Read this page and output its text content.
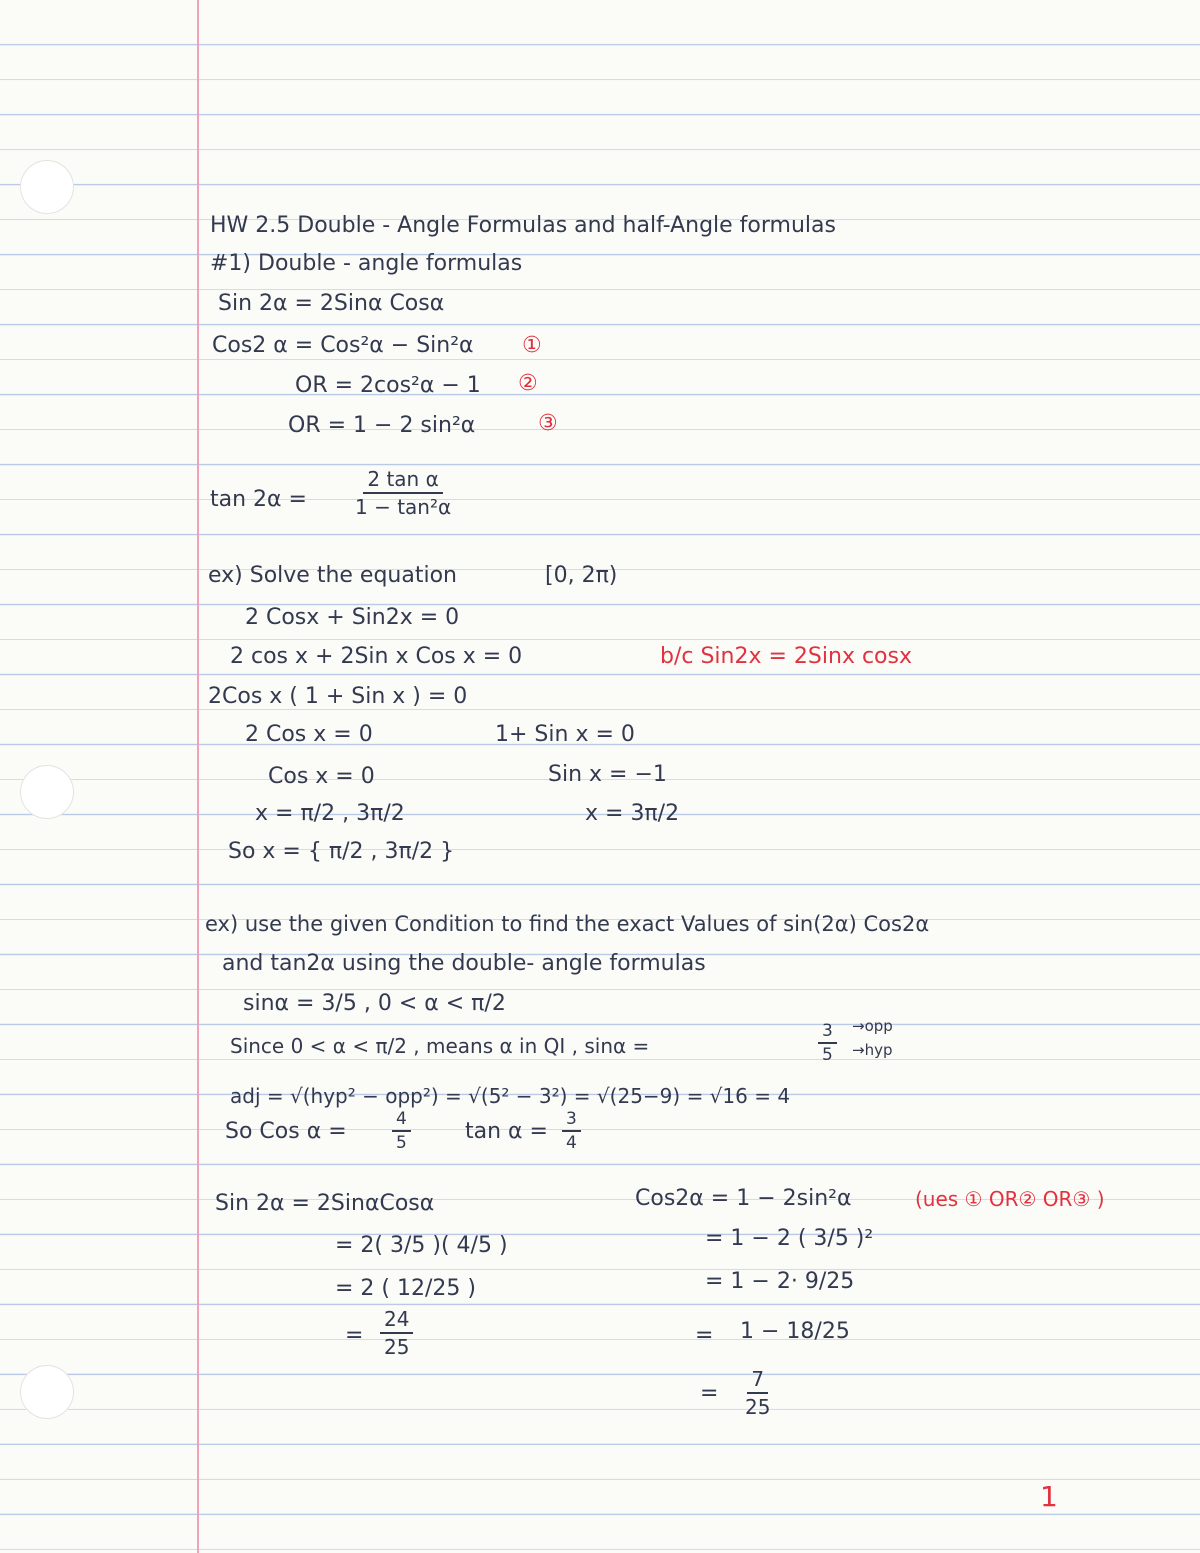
HW 2.5 Double - Angle Formulas and half-Angle formulas
#1) Double - angle formulas
Sin 2α = 2Sinα Cosα
Cos2 α = Cos²α − Sin²α ①
OR = 2cos²α − 1 ②
OR = 1 − 2 sin²α	③
$\tan 2\alpha = \frac{\text{2 tan α}}{\text{1 − tan²α}}$
ex) Solve the equation	[0, 2π)
2 Cosx + Sin2x = 0
2 cos x + 2Sin x Cos x = 0	b/c Sin2x = 2Sinx cosx
2Cos x ( 1 + Sin x ) = 0
2 Cos x = 0	1+ Sin x = 0
Cos x = 0	Sin x = −1
x = π/2 , 3π/2	x = 3π/2
So x = { π/2 , 3π/2 }
ex) use the given Condition to find the exact Values of sin(2α) Cos2α
and tan2α using the double- angle formulas
sinα = 3/5 , 0 < α < π/2
Since 0 < α < π/2 , means α in QI , sinα =	$\frac{3}{5} \to opp$
→hyp
adj = √(hyp² − opp²) = √(5² − 3²) = √(25−9) = √16 = 4
So Cos α =	$\frac{4}{5}$ $\tan \alpha = \frac{3}{4}$
Sin 2α = 2SinαCosα
= 2( 3/5 )( 4/5 )
= 2 ( 12/25 )
= $\frac{24}{25}$
Cos2α = 1 − 2sin²α	(ues ① OR② OR③ )
= 1 − 2 ( 3/5 )²
= 1 − 2· 9/25
= 1 − 18/25
= $\frac{7}{25}$
1
